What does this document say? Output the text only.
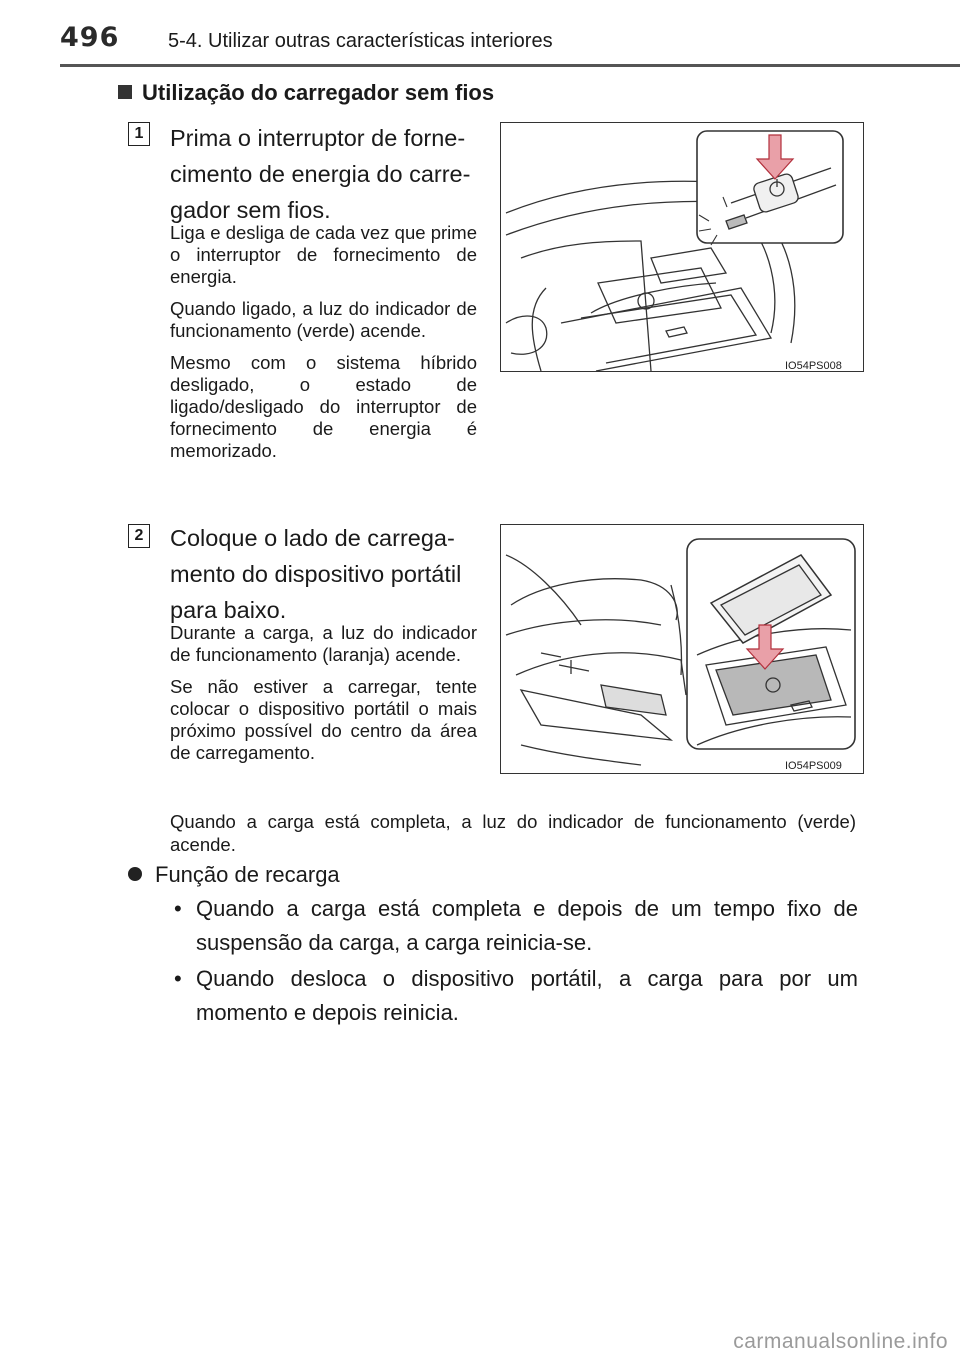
496 5-4. Utilizar outras características interiores
Utilização do carregador sem fios
1 Prima o interruptor de forne-
cimento de energia do carre-
gador sem fios.

Liga e desliga de cada vez que prime o interruptor de fornecimento de energia.

Quando ligado, a luz do indicador de funcionamento (verde) acende.

Mesmo com o sistema híbrido desligado, o estado de ligado/desligado do interruptor de fornecimento de energia é memorizado.

IO54PS008
2 Coloque o lado de carrega-
mento do dispositivo portátil
para baixo.

Durante a carga, a luz do indicador de funcionamento (laranja) acende.

Se não estiver a carregar, tente colocar o dispositivo portátil o mais próximo possível do centro da área de carregamento.

IO54PS009
Quando a carga está completa, a luz do indicador de funcionamento (verde) acende.
Função de recarga
• Quando a carga está completa e depois de um tempo fixo de suspensão da carga, a carga reinicia-se.
• Quando desloca o dispositivo portátil, a carga para por um momento e depois reinicia.
carmanualsonline.info
